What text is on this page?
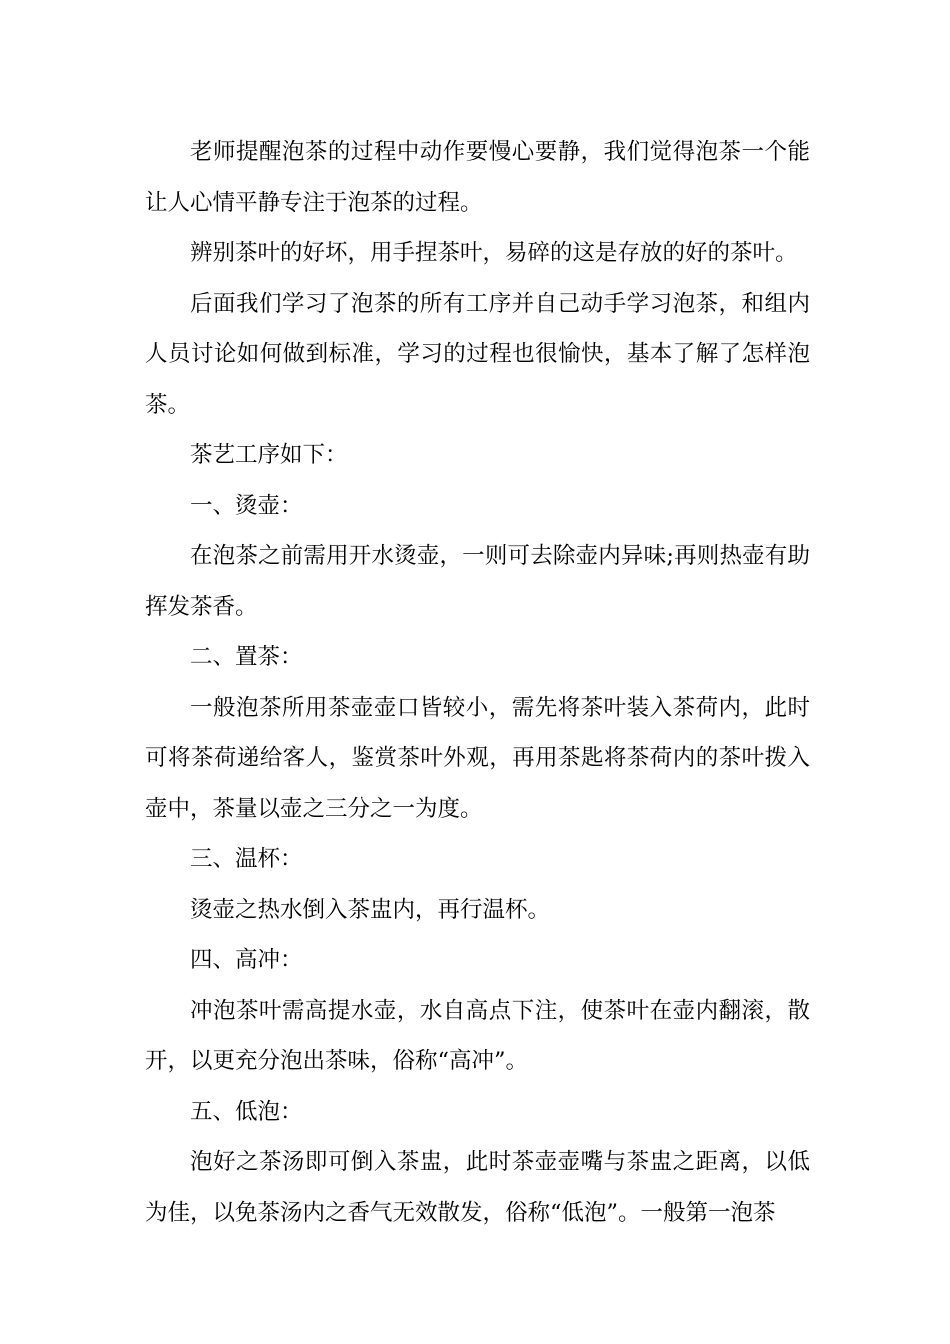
老师提醒泡茶的过程中动作要慢心要静，我们觉得泡茶一个能让人心情平静专注于泡茶的过程。

辨别茶叶的好坏，用手捏茶叶，易碎的这是存放的好的茶叶。

后面我们学习了泡茶的所有工序并自己动手学习泡茶，和组内人员讨论如何做到标准，学习的过程也很愉快，基本了解了怎样泡茶。

茶艺工序如下：

一、烫壶：

在泡茶之前需用开水烫壶，一则可去除壶内异味;再则热壶有助挥发茶香。

二、置茶：

一般泡茶所用茶壶壶口皆较小，需先将茶叶装入茶荷内，此时可将茶荷递给客人，鉴赏茶叶外观，再用茶匙将茶荷内的茶叶拨入壶中，茶量以壶之三分之一为度。

三、温杯：

烫壶之热水倒入茶盅内，再行温杯。

四、高冲：

冲泡茶叶需高提水壶，水自高点下注，使茶叶在壶内翻滚，散开，以更充分泡出茶味，俗称“高冲”。

五、低泡：

泡好之茶汤即可倒入茶盅，此时茶壶壶嘴与茶盅之距离，以低为佳，以免茶汤内之香气无效散发，俗称“低泡”。一般第一泡茶
